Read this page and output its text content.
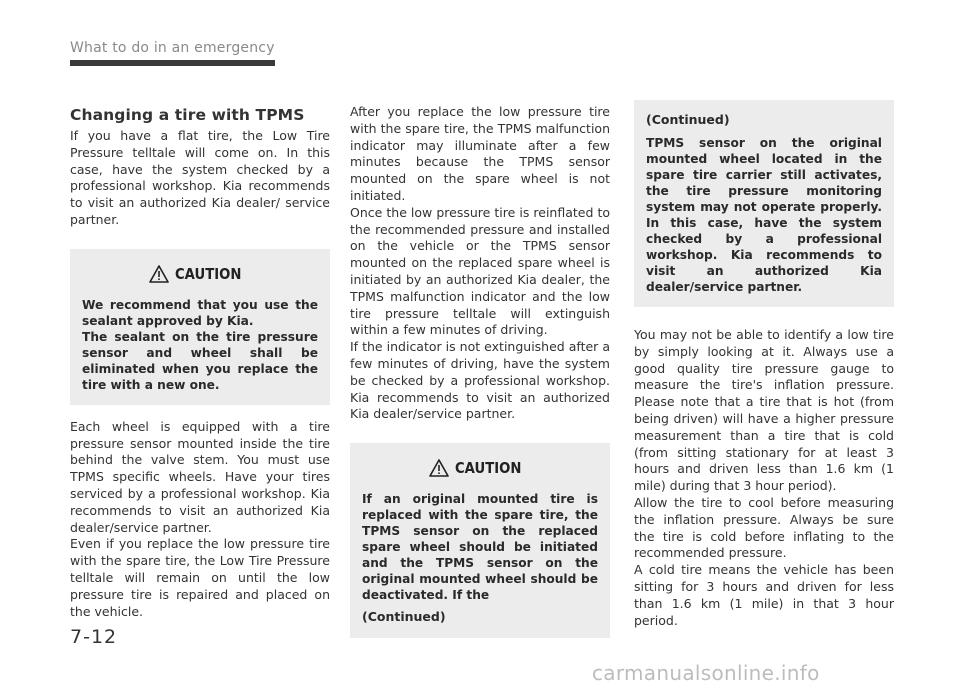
What to do in an emergency
Changing a tire with TPMS

If you have a flat tire, the Low Tire Pressure telltale will come on. In this case, have the system checked by a professional workshop. Kia recommends to visit an authorized Kia dealer/ service partner.

CAUTION

We recommend that you use the sealant approved by Kia.

The sealant on the tire pressure sensor and wheel shall be eliminated when you replace the tire with a new one.

Each wheel is equipped with a tire pressure sensor mounted inside the tire behind the valve stem. You must use TPMS specific wheels. Have your tires serviced by a professional workshop. Kia recommends to visit an authorized Kia dealer/service partner.

Even if you replace the low pressure tire with the spare tire, the Low Tire Pressure telltale will remain on until the low pressure tire is repaired and placed on the vehicle.

After you replace the low pressure tire with the spare tire, the TPMS malfunction indicator may illuminate after a few minutes because the TPMS sensor mounted on the spare wheel is not initiated.

Once the low pressure tire is reinflated to the recommended pressure and installed on the vehicle or the TPMS sensor mounted on the replaced spare wheel is initiated by an authorized Kia dealer, the TPMS malfunction indicator and the low tire pressure telltale will extinguish within a few minutes of driving.

If the indicator is not extinguished after a few minutes of driving, have the system be checked by a professional workshop. Kia recommends to visit an authorized Kia dealer/service partner.

CAUTION

If an original mounted tire is replaced with the spare tire, the TPMS sensor on the replaced spare wheel should be initiated and the TPMS sensor on the original mounted wheel should be deactivated. If the

(Continued)
(Continued)

TPMS sensor on the original mounted wheel located in the spare tire carrier still activates, the tire pressure monitoring system may not operate properly. In this case, have the system checked by a professional workshop. Kia recommends to visit an authorized Kia dealer/service partner.

You may not be able to identify a low tire by simply looking at it. Always use a good quality tire pressure gauge to measure the tire's inflation pressure. Please note that a tire that is hot (from being driven) will have a higher pressure measurement than a tire that is cold (from sitting stationary for at least 3 hours and driven less than 1.6 km (1 mile) during that 3 hour period).

Allow the tire to cool before measuring the inflation pressure. Always be sure the tire is cold before inflating to the recommended pressure.

A cold tire means the vehicle has been sitting for 3 hours and driven for less than 1.6 km (1 mile) in that 3 hour period.

7-12
carmanualsonline.info
